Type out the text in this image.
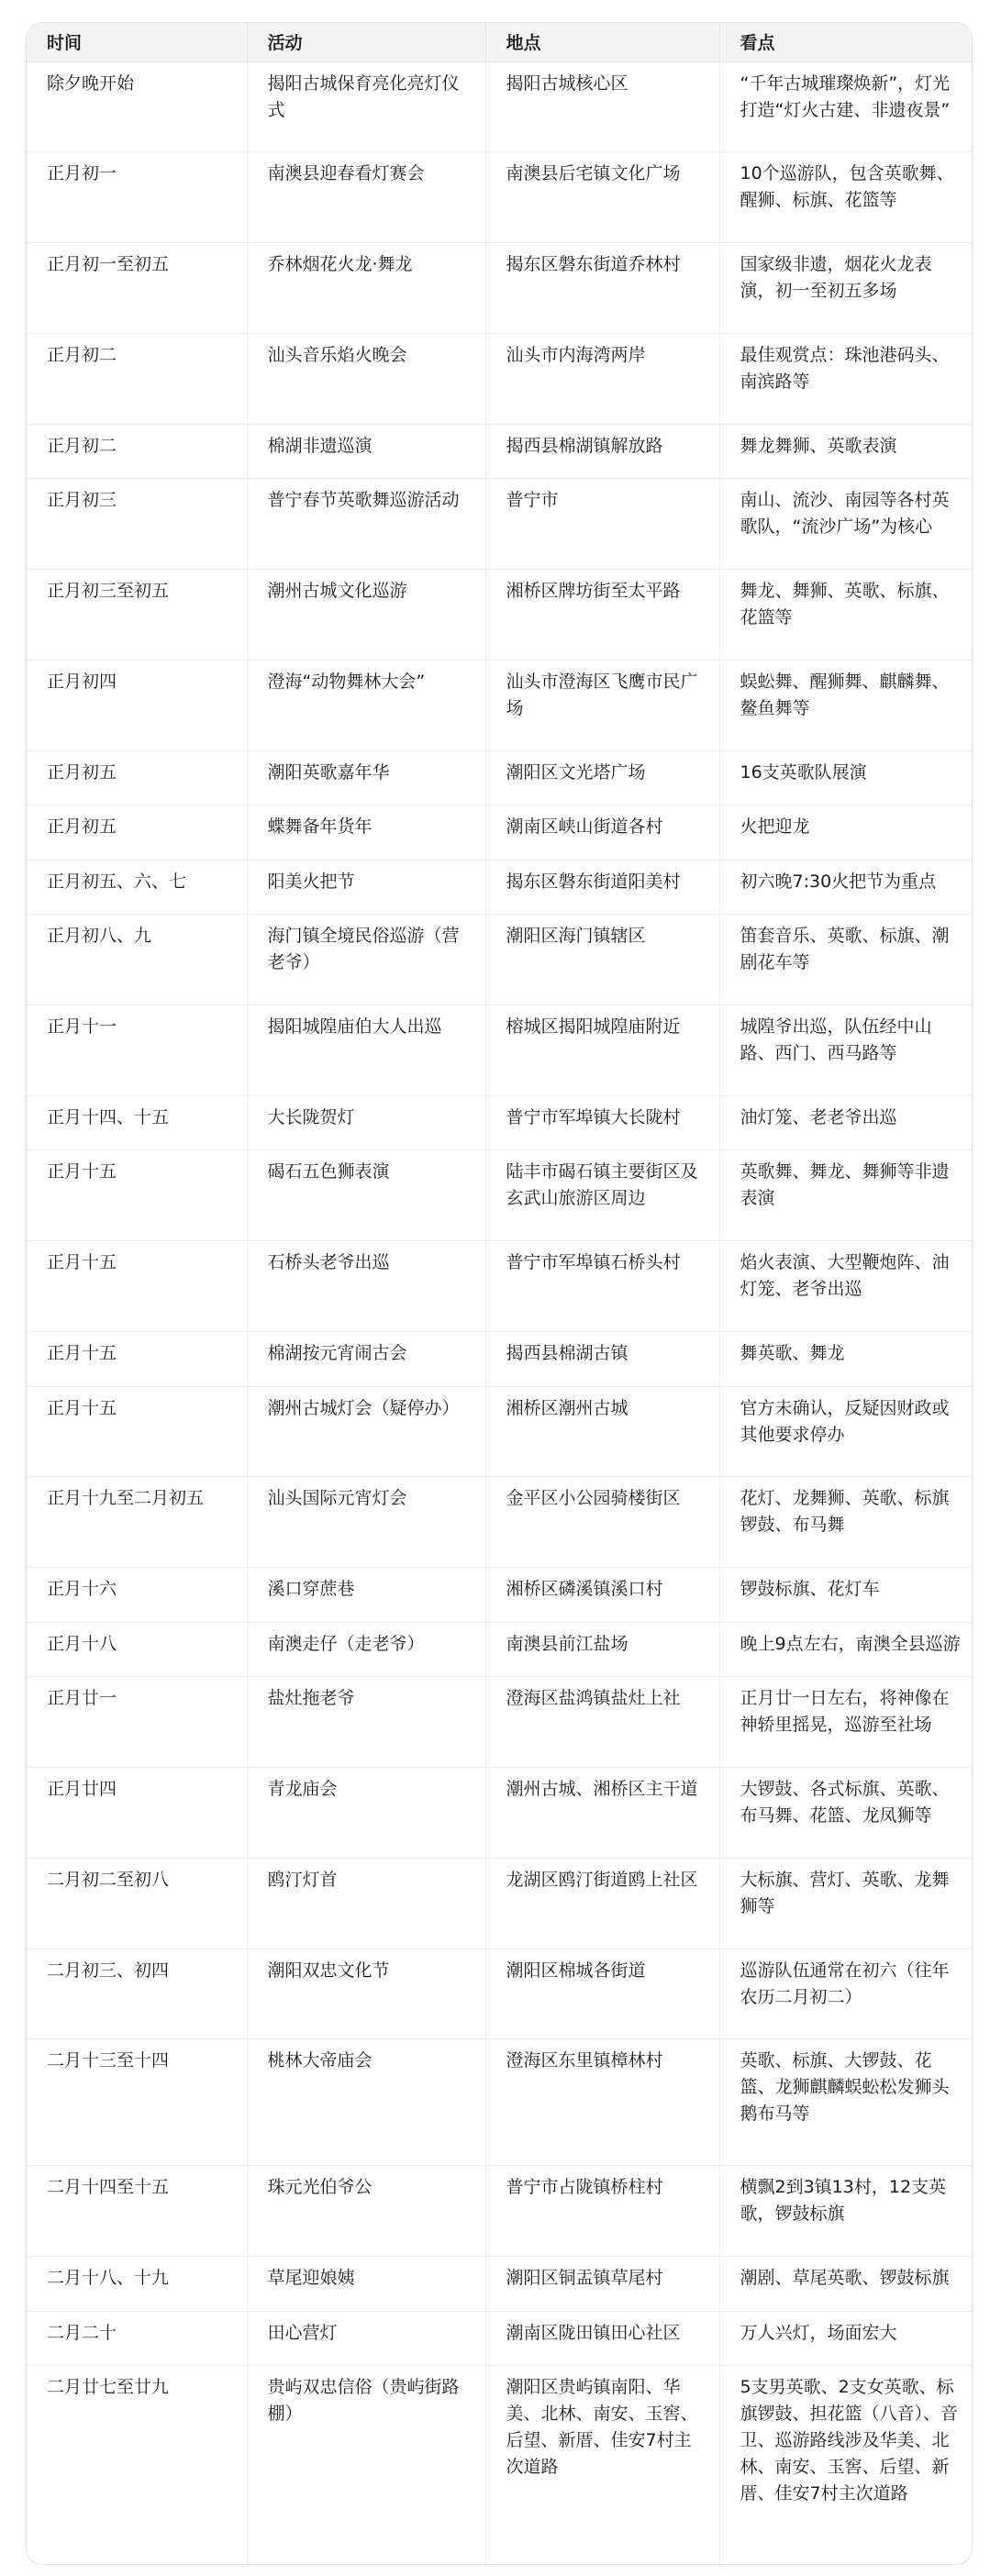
时间	活动	地点	看点
除夕晚开始	揭阳古城保育亮化亮灯仪式	揭阳古城核心区	“千年古城璀璨焕新”，灯光打造“灯火古建、非遗夜景”
正月初一	南澳县迎春看灯赛会	南澳县后宅镇文化广场	10个巡游队，包含英歌舞、醒狮、标旗、花篮等
正月初一至初五	乔林烟花火龙·舞龙	揭东区磐东街道乔林村	国家级非遗，烟花火龙表演，初一至初五多场
正月初二	汕头音乐焰火晚会	汕头市内海湾两岸	最佳观赏点：珠池港码头、南滨路等
正月初二	棉湖非遗巡演	揭西县棉湖镇解放路	舞龙舞狮、英歌表演
正月初三	普宁春节英歌舞巡游活动	普宁市	南山、流沙、南园等各村英歌队，“流沙广场”为核心
正月初三至初五	潮州古城文化巡游	湘桥区牌坊街至太平路	舞龙、舞狮、英歌、标旗、花篮等
正月初四	澄海“动物舞林大会”	汕头市澄海区飞鹰市民广场	蜈蚣舞、醒狮舞、麒麟舞、鳌鱼舞等
正月初五	潮阳英歌嘉年华	潮阳区文光塔广场	16支英歌队展演
正月初五	蝶舞备年货年	潮南区峡山街道各村	火把迎龙
正月初五、六、七	阳美火把节	揭东区磐东街道阳美村	初六晚7:30火把节为重点
正月初八、九	海门镇全境民俗巡游（营老爷）	潮阳区海门镇辖区	笛套音乐、英歌、标旗、潮剧花车等
正月十一	揭阳城隍庙伯大人出巡	榕城区揭阳城隍庙附近	城隍爷出巡，队伍经中山路、西门、西马路等
正月十四、十五	大长陇贺灯	普宁市军埠镇大长陇村	油灯笼、老老爷出巡
正月十五	碣石五色狮表演	陆丰市碣石镇主要街区及玄武山旅游区周边	英歌舞、舞龙、舞狮等非遗表演
正月十五	石桥头老爷出巡	普宁市军埠镇石桥头村	焰火表演、大型鞭炮阵、油灯笼、老爷出巡
正月十五	棉湖按元宵闹古会	揭西县棉湖古镇	舞英歌、舞龙
正月十五	潮州古城灯会（疑停办）	湘桥区潮州古城	官方未确认，反疑因财政或其他要求停办
正月十九至二月初五	汕头国际元宵灯会	金平区小公园骑楼街区	花灯、龙舞狮、英歌、标旗锣鼓、布马舞
正月十六	溪口穿蔗巷	湘桥区磷溪镇溪口村	锣鼓标旗、花灯车
正月十八	南澳走仔（走老爷）	南澳县前江盐场	晚上9点左右，南澳全县巡游
正月廿一	盐灶拖老爷	澄海区盐鸿镇盐灶上社	正月廿一日左右，将神像在神轿里摇晃，巡游至社场
正月廿四	青龙庙会	潮州古城、湘桥区主干道	大锣鼓、各式标旗、英歌、布马舞、花篮、龙凤狮等
二月初二至初八	鸥汀灯首	龙湖区鸥汀街道鸥上社区	大标旗、营灯、英歌、龙舞狮等
二月初三、初四	潮阳双忠文化节	潮阳区棉城各街道	巡游队伍通常在初六（往年农历二月初二）
二月十三至十四	桃林大帝庙会	澄海区东里镇樟林村	英歌、标旗、大锣鼓、花篮、龙狮麒麟蜈蚣松发狮头鹅布马等
二月十四至十五	珠元光伯爷公	普宁市占陇镇桥柱村	横飘2到3镇13村，12支英歌，锣鼓标旗
二月十八、十九	草尾迎娘姨	潮阳区铜盂镇草尾村	潮剧、草尾英歌、锣鼓标旗
二月二十	田心营灯	潮南区陇田镇田心社区	万人兴灯，场面宏大
二月廿七至廿九	贵屿双忠信俗（贵屿街路棚）	潮阳区贵屿镇南阳、华美、北林、南安、玉窖、后望、新厝、佳安7村主次道路	5支男英歌、2支女英歌、标旗锣鼓、担花篮（八音）、音卫、巡游路线涉及华美、北林、南安、玉窖、后望、新厝、佳安7村主次道路
